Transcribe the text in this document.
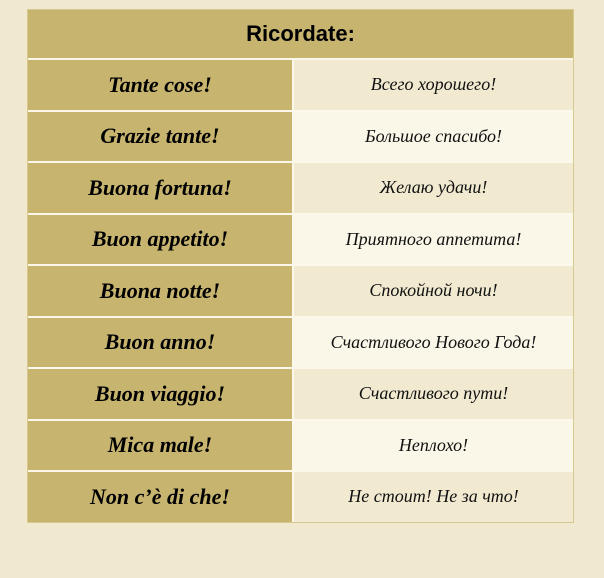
Ricordate:
Tante cose!	Всего хорошего!
Grazie tante!	Большое спасибо!
Buona fortuna!	Желаю удачи!
Buon appetito!	Приятного аппетита!
Buona notte!	Спокойной ночи!
Buon anno!	Счастливого Нового Года!
Buon viaggio!	Счастливого пути!
Mica male!	Неплохо!
Non c’è di che!	Не стоит! Не за что!
